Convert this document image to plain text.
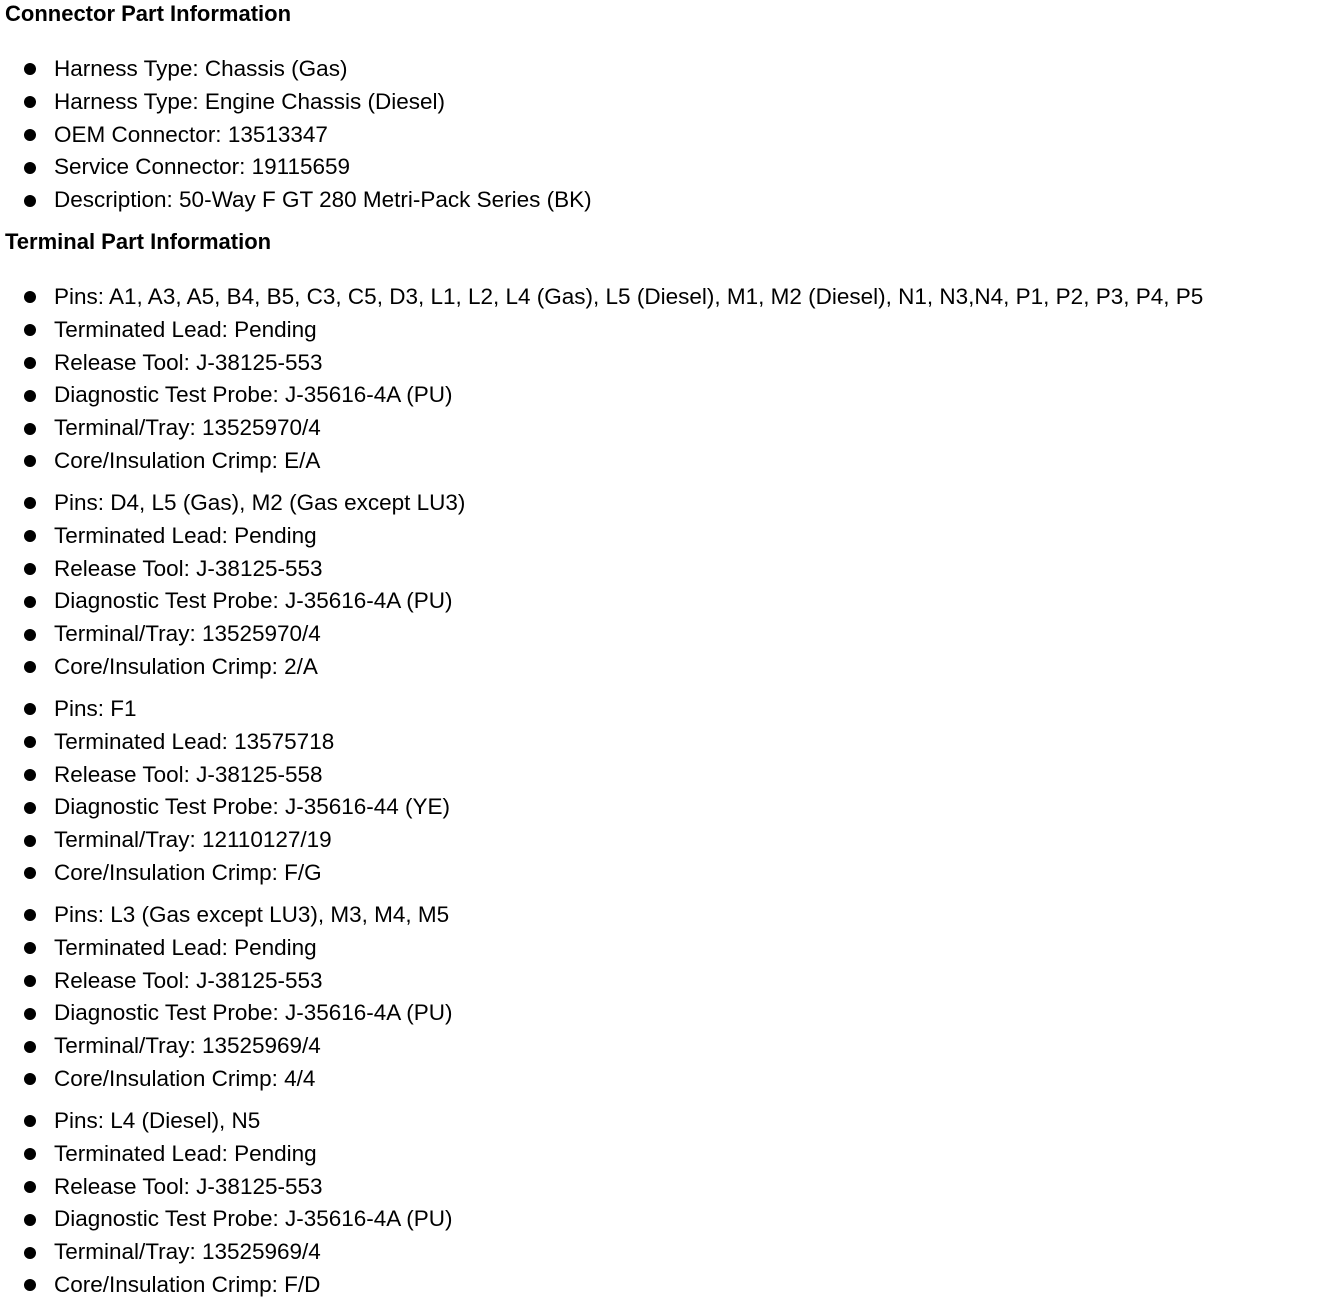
Connector Part Information
Harness Type: Chassis (Gas)
Harness Type: Engine Chassis (Diesel)
OEM Connector: 13513347
Service Connector: 19115659
Description: 50-Way F GT 280 Metri-Pack Series (BK)
Terminal Part Information
Pins: A1, A3, A5, B4, B5, C3, C5, D3, L1, L2, L4 (Gas), L5 (Diesel), M1, M2 (Diesel), N1, N3,N4, P1, P2, P3, P4, P5
Terminated Lead: Pending
Release Tool: J-38125-553
Diagnostic Test Probe: J-35616-4A (PU)
Terminal/Tray: 13525970/4
Core/Insulation Crimp: E/A
Pins: D4, L5 (Gas), M2 (Gas except LU3)
Terminated Lead: Pending
Release Tool: J-38125-553
Diagnostic Test Probe: J-35616-4A (PU)
Terminal/Tray: 13525970/4
Core/Insulation Crimp: 2/A
Pins: F1
Terminated Lead: 13575718
Release Tool: J-38125-558
Diagnostic Test Probe: J-35616-44 (YE)
Terminal/Tray: 12110127/19
Core/Insulation Crimp: F/G
Pins: L3 (Gas except LU3), M3, M4, M5
Terminated Lead: Pending
Release Tool: J-38125-553
Diagnostic Test Probe: J-35616-4A (PU)
Terminal/Tray: 13525969/4
Core/Insulation Crimp: 4/4
Pins: L4 (Diesel), N5
Terminated Lead: Pending
Release Tool: J-38125-553
Diagnostic Test Probe: J-35616-4A (PU)
Terminal/Tray: 13525969/4
Core/Insulation Crimp: F/D
